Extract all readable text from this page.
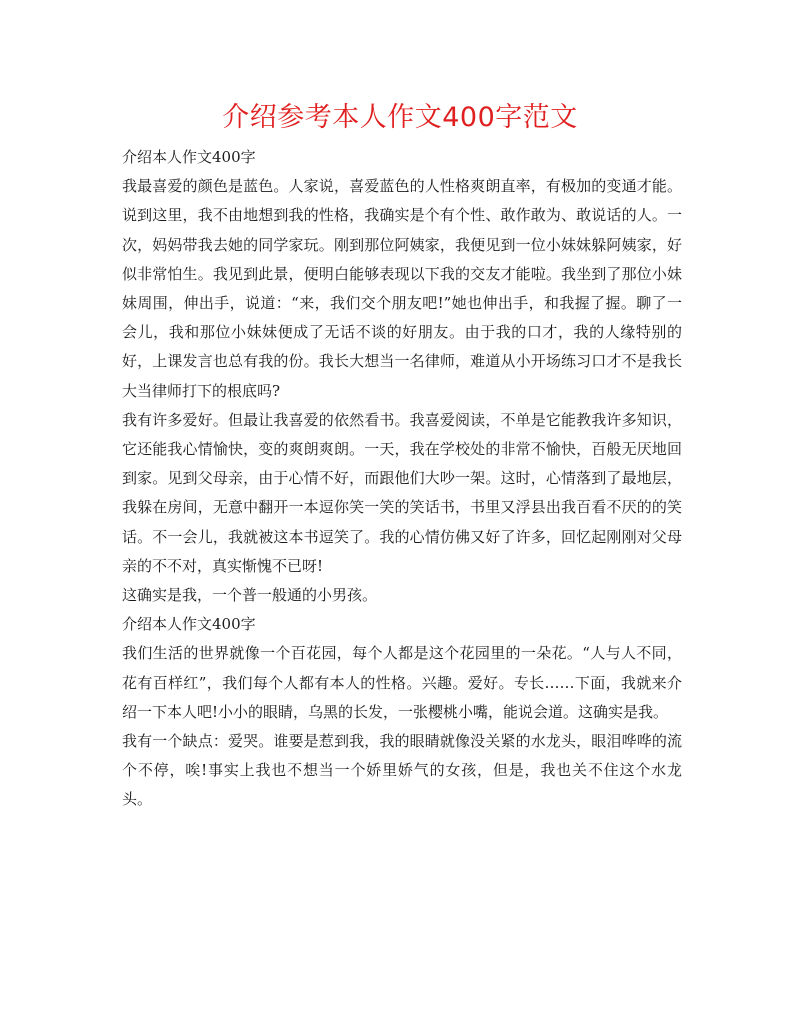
介绍参考本人作文400字范文

介绍本人作文400字

我最喜爱的颜色是蓝色。人家说，喜爱蓝色的人性格爽朗直率，有极加的变通才能。说到这里，我不由地想到我的性格，我确实是个有个性、敢作敢为、敢说话的人。一次，妈妈带我去她的同学家玩。刚到那位阿姨家，我便见到一位小妹妹躲阿姨家，好似非常怕生。我见到此景，便明白能够表现以下我的交友才能啦。我坐到了那位小妹妹周围，伸出手，说道：“来，我们交个朋友吧!”她也伸出手，和我握了握。聊了一会儿，我和那位小妹妹便成了无话不谈的好朋友。由于我的口才，我的人缘特别的好，上课发言也总有我的份。我长大想当一名律师，难道从小开场练习口才不是我长大当律师打下的根底吗?

我有许多爱好。但最让我喜爱的依然看书。我喜爱阅读，不单是它能教我许多知识，它还能我心情愉快，变的爽朗爽朗。一天，我在学校处的非常不愉快，百般无厌地回到家。见到父母亲，由于心情不好，而跟他们大吵一架。这时，心情落到了最地层，我躲在房间，无意中翻开一本逗你笑一笑的笑话书，书里又浮县出我百看不厌的的笑话。不一会儿，我就被这本书逗笑了。我的心情仿佛又好了许多，回忆起刚刚对父母亲的不不对，真实惭愧不已呀!

这确实是我，一个普一般通的小男孩。

介绍本人作文400字

我们生活的世界就像一个百花园，每个人都是这个花园里的一朵花。“人与人不同，花有百样红”，我们每个人都有本人的性格。兴趣。爱好。专长……下面，我就来介绍一下本人吧!小小的眼睛，乌黑的长发，一张樱桃小嘴，能说会道。这确实是我。

我有一个缺点：爱哭。谁要是惹到我，我的眼睛就像没关紧的水龙头，眼泪哗哗的流个不停，唉!事实上我也不想当一个娇里娇气的女孩，但是，我也关不住这个水龙头。
